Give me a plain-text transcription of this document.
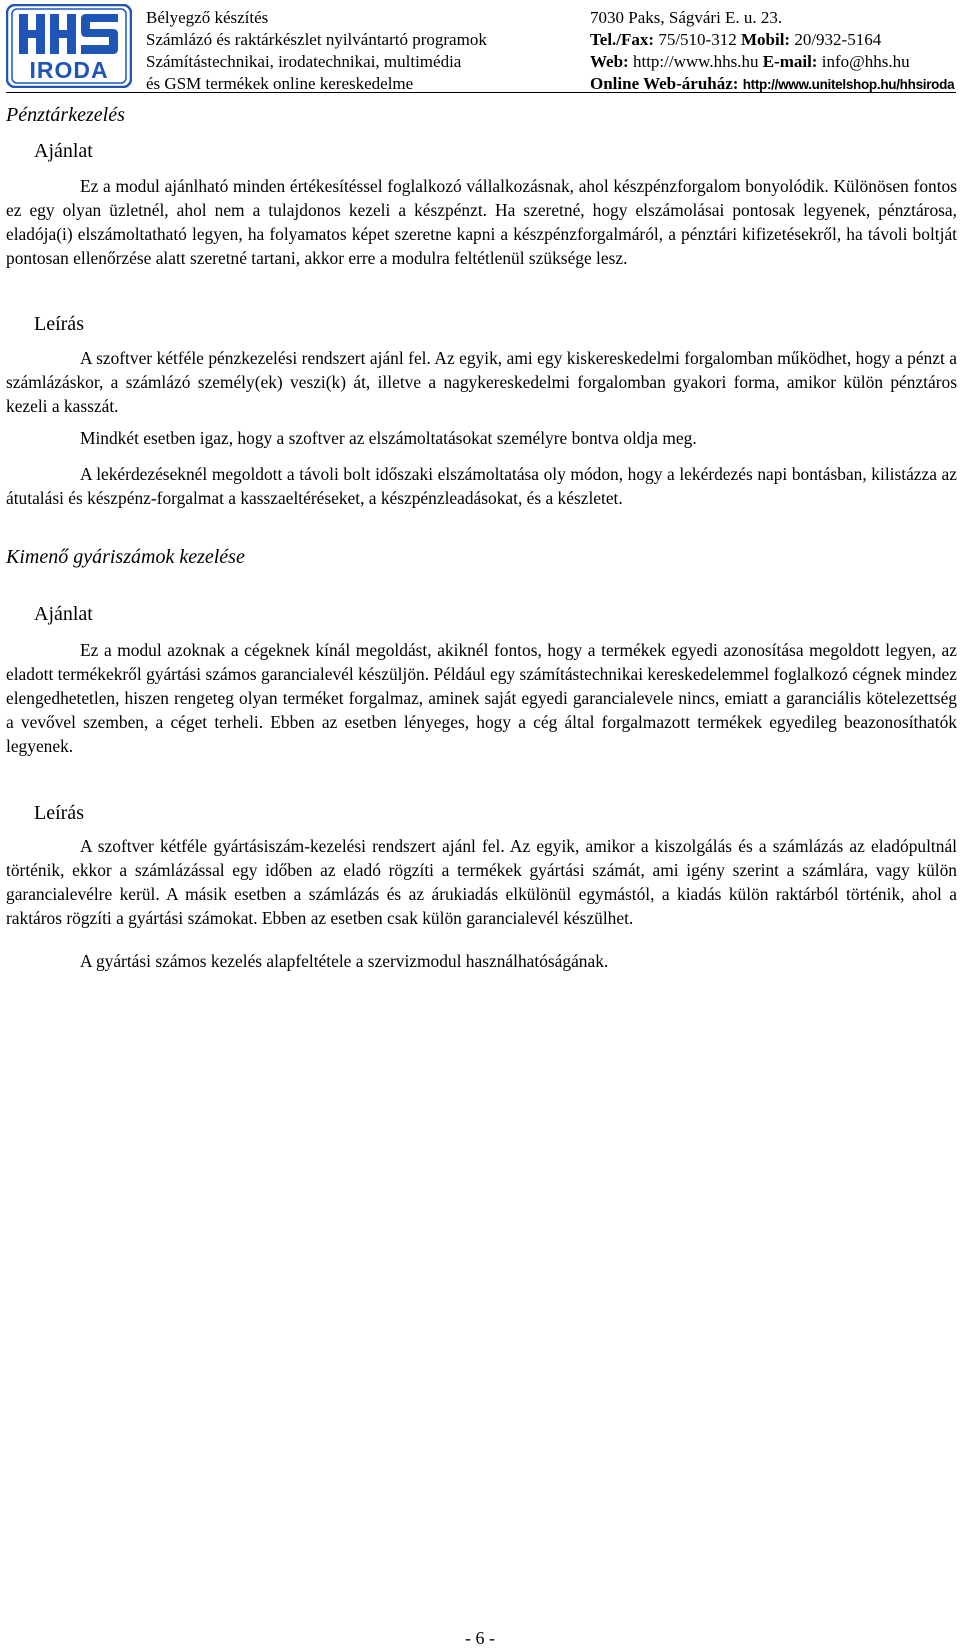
IRODA
Bélyegző készítés
Számlázó és raktárkészlet nyilvántartó programok
Számítástechnikai, irodatechnikai, multimédia
és GSM termékek online kereskedelme
7030 Paks, Ságvári E. u. 23.
Tel./Fax: 75/510-312 Mobil: 20/932-5164
Web: http://www.hhs.hu E-mail: info@hhs.hu
Online Web-áruház: http://www.unitelshop.hu/hhsiroda
Pénztárkezelés
Ajánlat

Ez a modul ajánlható minden értékesítéssel foglalkozó vállalkozásnak, ahol készpénzforgalom bonyolódik. Különösen fontos ez egy olyan üzletnél, ahol nem a tulajdonos kezeli a készpénzt. Ha szeretné, hogy elszámolásai pontosak legyenek, pénztárosa, eladója(i) elszámoltatható legyen, ha folyamatos képet szeretne kapni a készpénzforgalmáról, a pénztári kifizetésekről, ha távoli boltját pontosan ellenőrzése alatt szeretné tartani, akkor erre a modulra feltétlenül szüksége lesz.

Leírás

A szoftver kétféle pénzkezelési rendszert ajánl fel. Az egyik, ami egy kiskereskedelmi forgalomban működhet, hogy a pénzt a számlázáskor, a számlázó személy(ek) veszi(k) át, illetve a nagykereskedelmi forgalomban gyakori forma, amikor külön pénztáros kezeli a kasszát.

Mindkét esetben igaz, hogy a szoftver az elszámoltatásokat személyre bontva oldja meg.

A lekérdezéseknél megoldott a távoli bolt időszaki elszámoltatása oly módon, hogy a lekérdezés napi bontásban, kilistázza az átutalási és készpénz-forgalmat a kasszaeltéréseket, a készpénzleadásokat, és a készletet.

Kimenő gyáriszámok kezelése
Ajánlat

Ez a modul azoknak a cégeknek kínál megoldást, akiknél fontos, hogy a termékek egyedi azonosítása megoldott legyen, az eladott termékekről gyártási számos garancialevél készüljön. Például egy számítástechnikai kereskedelemmel foglalkozó cégnek mindez elengedhetetlen, hiszen rengeteg olyan terméket forgalmaz, aminek saját egyedi garancialevele nincs, emiatt a garanciális kötelezettség a vevővel szemben, a céget terheli. Ebben az esetben lényeges, hogy a cég által forgalmazott termékek egyedileg beazonosíthatók legyenek.

Leírás

A szoftver kétféle gyártásiszám-kezelési rendszert ajánl fel. Az egyik, amikor a kiszolgálás és a számlázás az eladópultnál történik, ekkor a számlázással egy időben az eladó rögzíti a termékek gyártási számát, ami igény szerint a számlára, vagy külön garancialevélre kerül. A másik esetben a számlázás és az árukiadás elkülönül egymástól, a kiadás külön raktárból történik, ahol a raktáros rögzíti a gyártási számokat. Ebben az esetben csak külön garancialevél készülhet.

A gyártási számos kezelés alapfeltétele a szervizmodul használhatóságának.

- 6 -
